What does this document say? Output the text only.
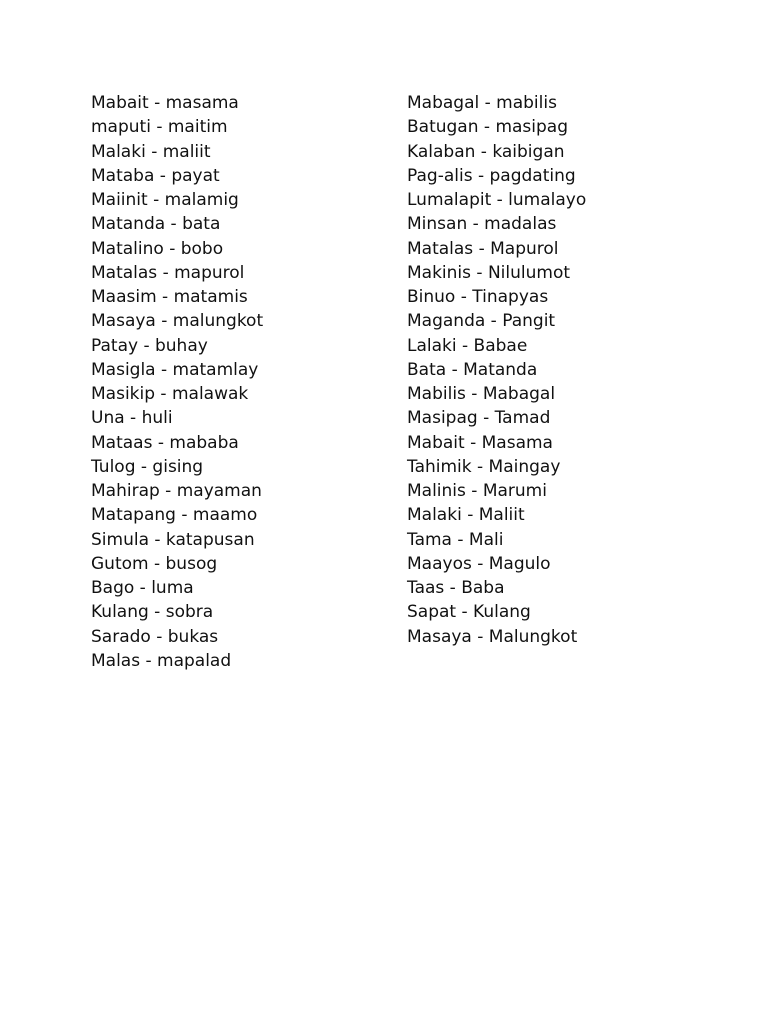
Mabait - masama
maputi - maitim
Malaki - maliit
Mataba - payat
Maiinit - malamig
Matanda - bata
Matalino - bobo
Matalas - mapurol
Maasim - matamis
Masaya - malungkot
Patay - buhay
Masigla - matamlay
Masikip - malawak
Una - huli
Mataas - mababa
Tulog - gising
Mahirap - mayaman
Matapang - maamo
Simula - katapusan
Gutom - busog
Bago - luma
Kulang - sobra
Sarado - bukas
Malas - mapalad
Mabagal - mabilis
Batugan - masipag
Kalaban - kaibigan
Pag-alis - pagdating
Lumalapit - lumalayo
Minsan - madalas
Matalas - Mapurol
Makinis - Nilulumot
Binuo - Tinapyas
Maganda - Pangit
Lalaki - Babae
Bata - Matanda
Mabilis - Mabagal
Masipag - Tamad
Mabait - Masama
Tahimik - Maingay
Malinis - Marumi
Malaki - Maliit
Tama - Mali
Maayos - Magulo
Taas - Baba
Sapat - Kulang
Masaya - Malungkot
